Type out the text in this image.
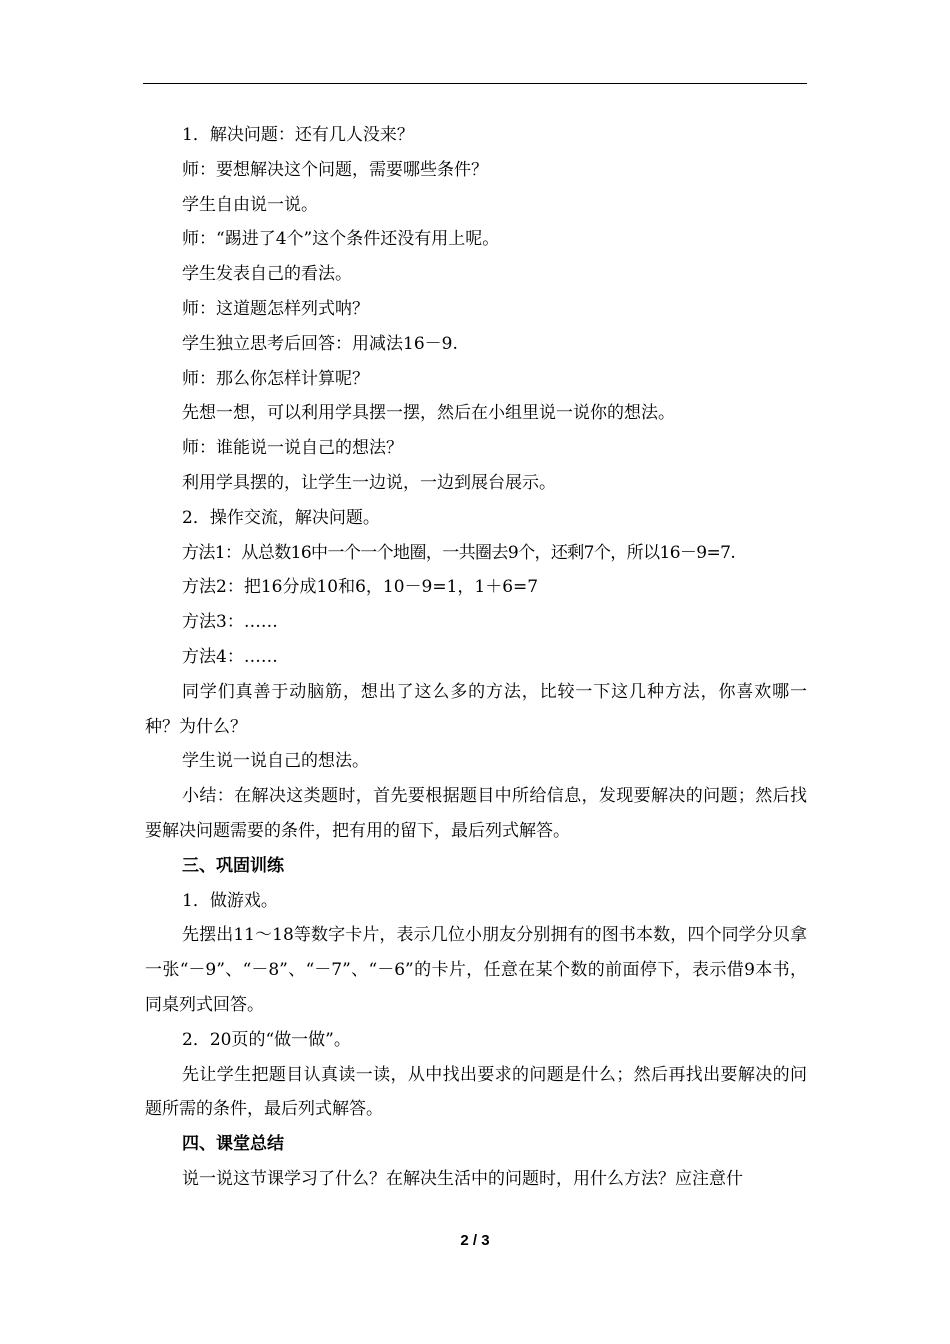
1．解决问题：还有几人没来？

师：要想解决这个问题，需要哪些条件？

学生自由说一说。

师：“踢进了4个”这个条件还没有用上呢。

学生发表自己的看法。

师：这道题怎样列式呐？

学生独立思考后回答：用减法16－9.

师：那么你怎样计算呢？

先想一想，可以利用学具摆一摆，然后在小组里说一说你的想法。

师：谁能说一说自己的想法？

利用学具摆的，让学生一边说，一边到展台展示。

2．操作交流，解决问题。

方法1：从总数16中一个一个地圈，一共圈去9个，还剩7个，所以16－9=7.

方法2：把16分成10和6，10－9=1，1＋6=7

方法3：……

方法4：……

同学们真善于动脑筋，想出了这么多的方法，比较一下这几种方法，你喜欢哪一种？为什么？

学生说一说自己的想法。

小结：在解决这类题时，首先要根据题目中所给信息，发现要解决的问题；然后找要解决问题需要的条件，把有用的留下，最后列式解答。

三、巩固训练

1．做游戏。

先摆出11～18等数字卡片，表示几位小朋友分别拥有的图书本数，四个同学分贝拿一张“－9”、“－8”、“－7”、“－6”的卡片，任意在某个数的前面停下，表示借9本书，同桌列式回答。

2．20页的“做一做”。

先让学生把题目认真读一读，从中找出要求的问题是什么；然后再找出要解决的问题所需的条件，最后列式解答。

四、课堂总结

说一说这节课学习了什么？在解决生活中的问题时，用什么方法？应注意什

2 / 3
